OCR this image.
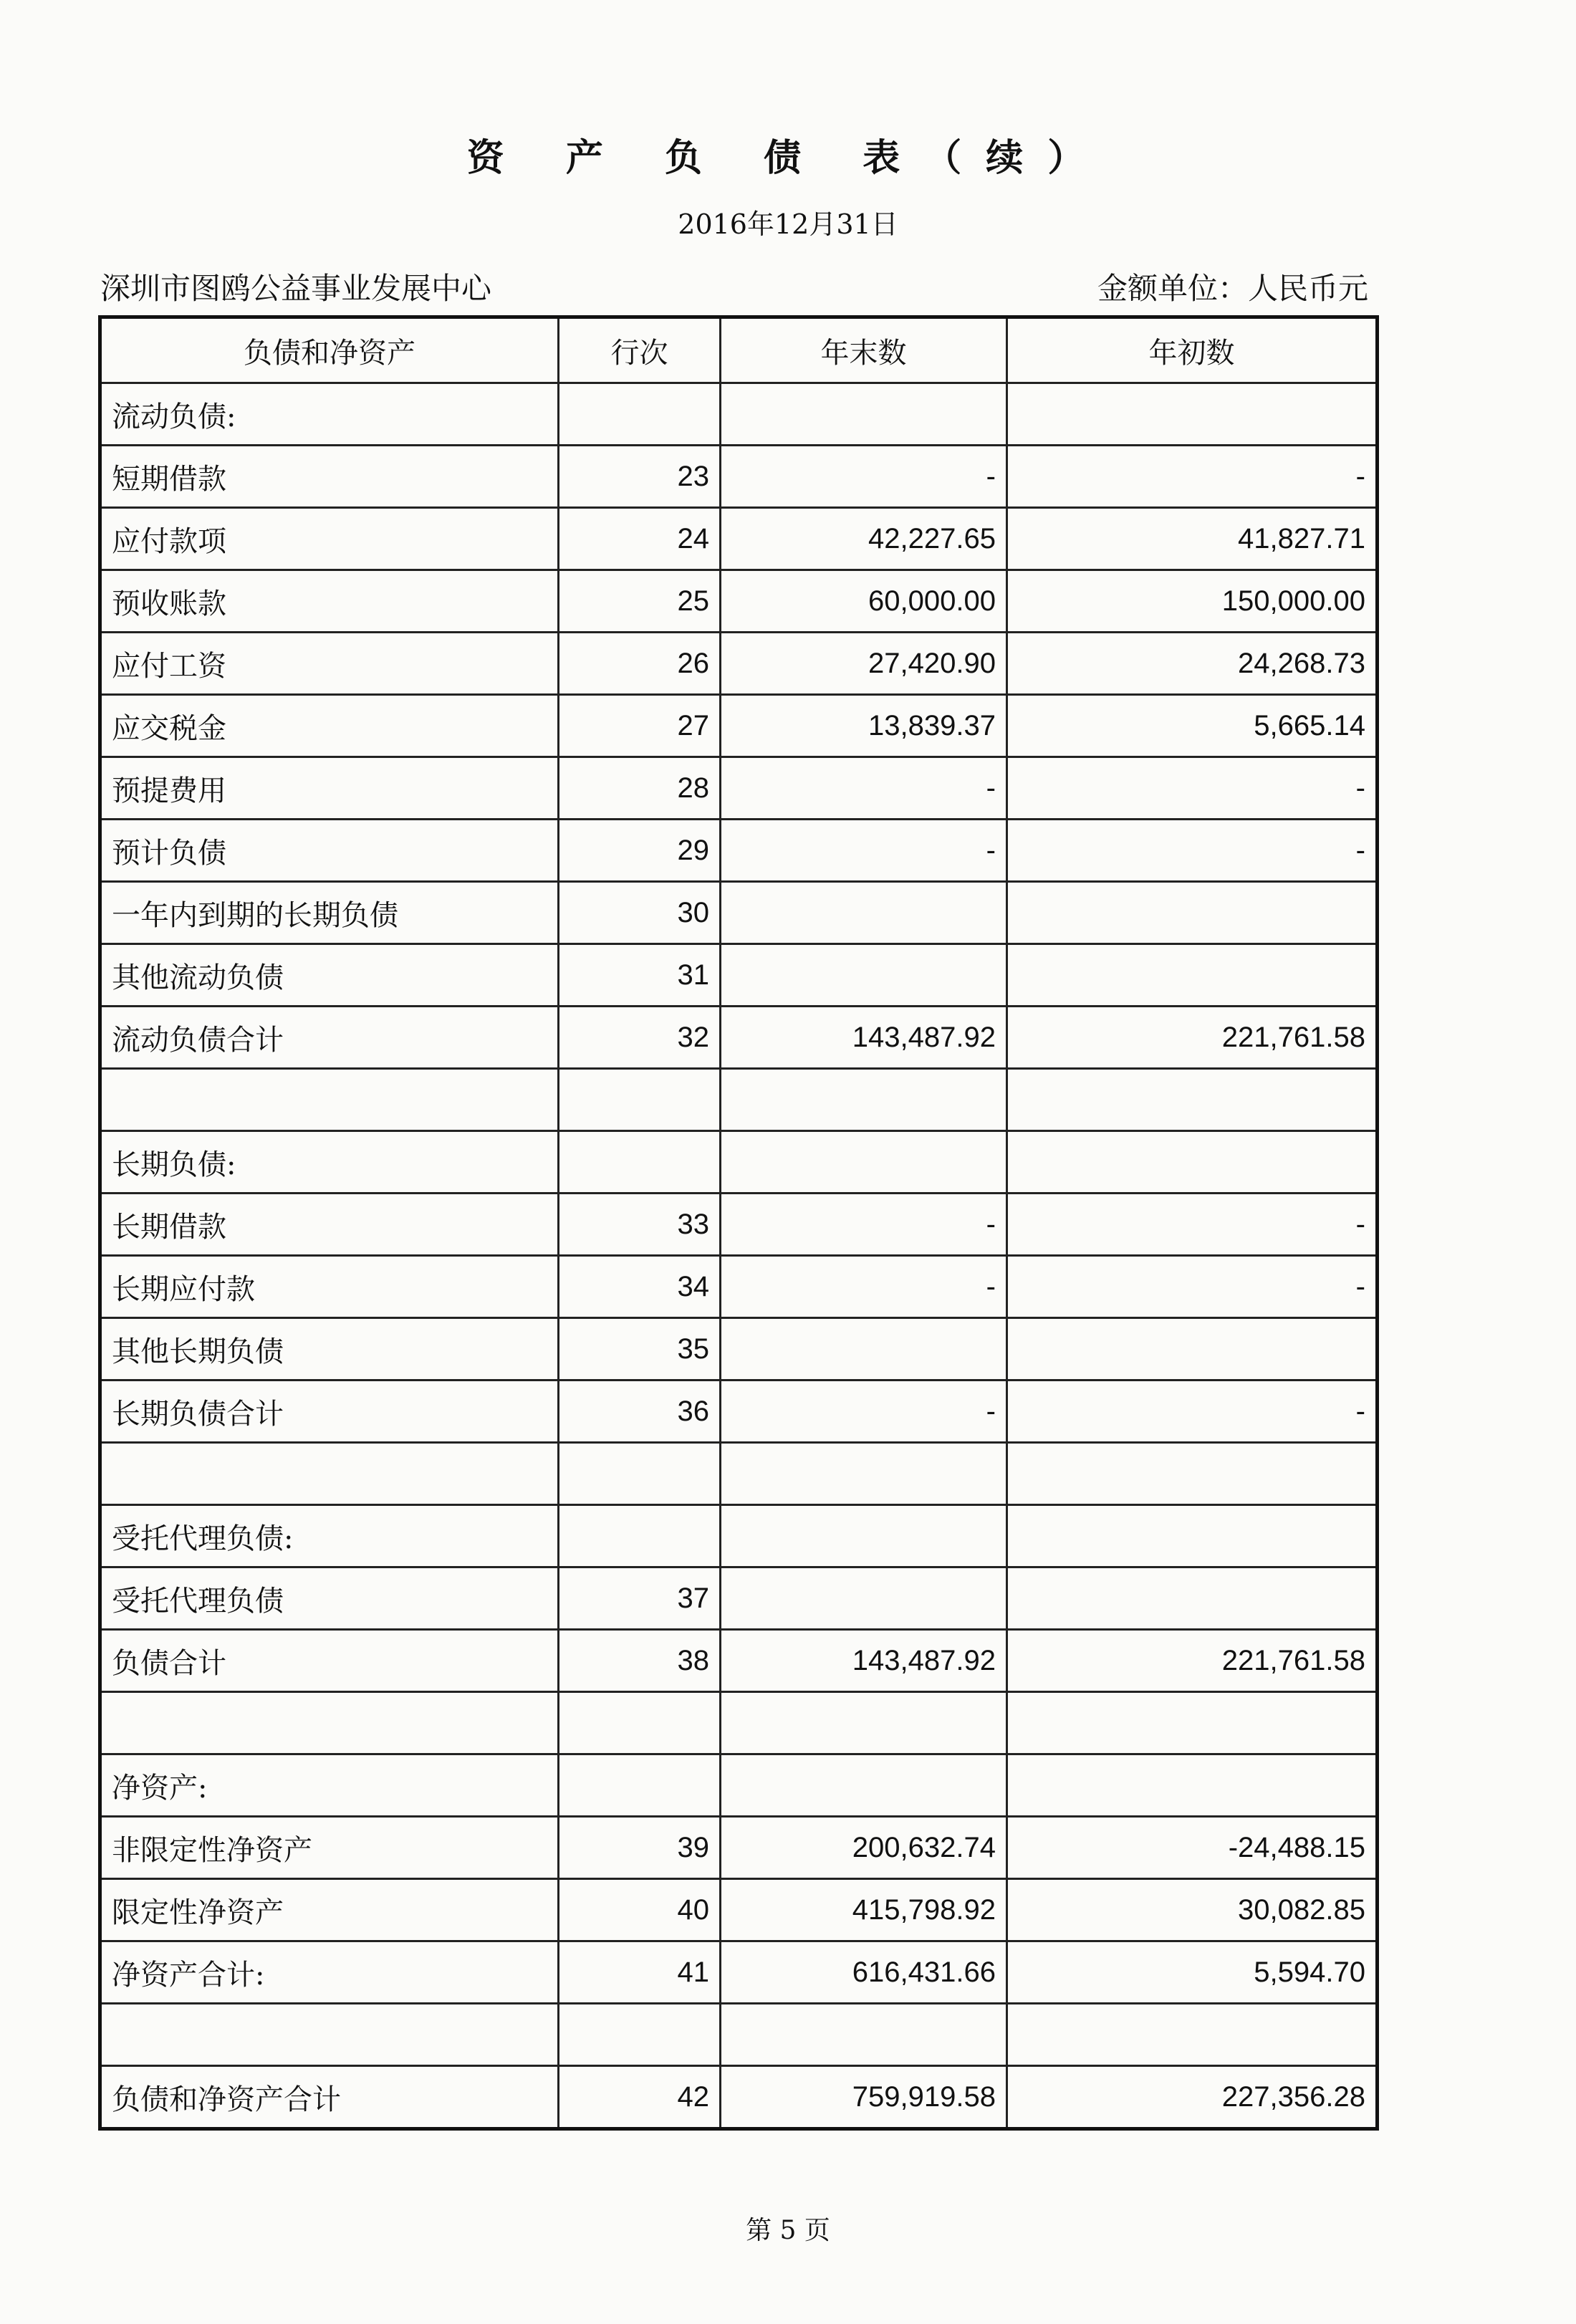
资 产 负 债 表（续）
2016年12月31日
深圳市图鸥公益事业发展中心	金额单位：人民币元
负债和净资产	行次	年末数	年初数
流动负债:			
短期借款	23	-	-
应付款项	24	42,227.65	41,827.71
预收账款	25	60,000.00	150,000.00
应付工资	26	27,420.90	24,268.73
应交税金	27	13,839.37	5,665.14
预提费用	28	-	-
预计负债	29	-	-
一年内到期的长期负债	30		
其他流动负债	31		
流动负债合计	32	143,487.92	221,761.58

长期负债:			
长期借款	33	-	-
长期应付款	34	-	-
其他长期负债	35		
长期负债合计	36	-	-

受托代理负债:			
受托代理负债	37		
负债合计	38	143,487.92	221,761.58

净资产:			
非限定性净资产	39	200,632.74	-24,488.15
限定性净资产	40	415,798.92	30,082.85
净资产合计:	41	616,431.66	5,594.70

负债和净资产合计	42	759,919.58	227,356.28
第 5 页
